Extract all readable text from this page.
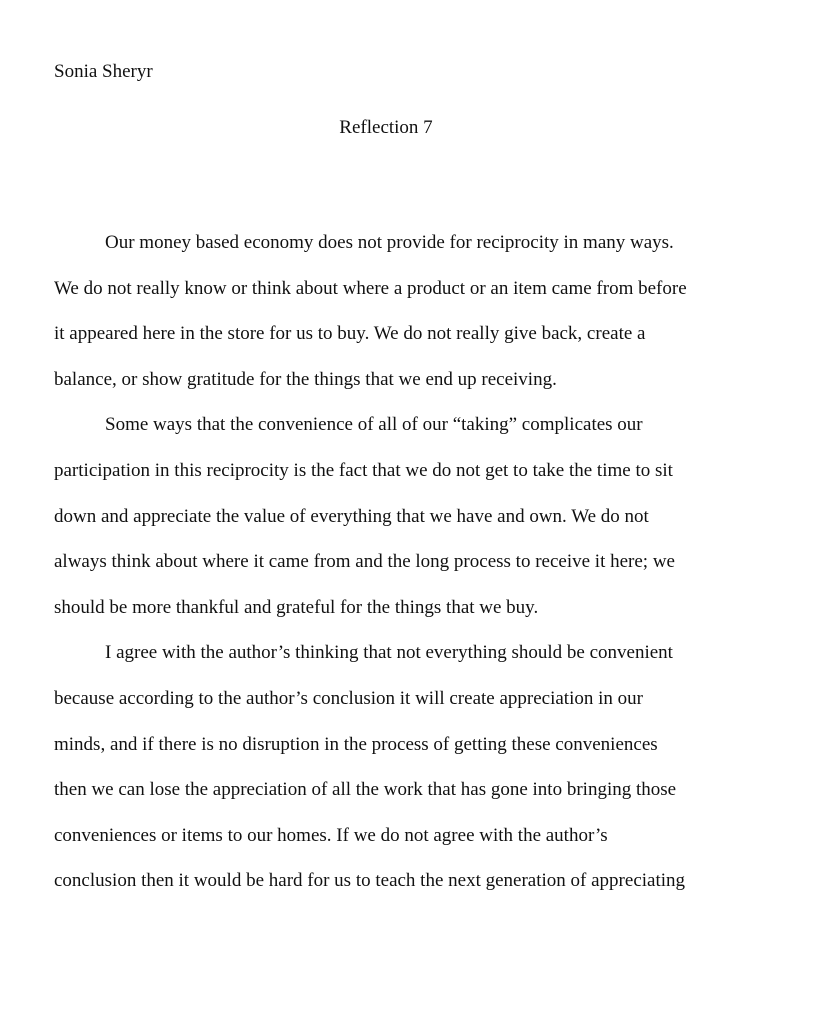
Sonia Sheryr
Reflection 7
Our money based economy does not provide for reciprocity in many ways.
We do not really know or think about where a product or an item came from before
it appeared here in the store for us to buy. We do not really give back, create a
balance, or show gratitude for the things that we end up receiving.
Some ways that the convenience of all of our “taking” complicates our
participation in this reciprocity is the fact that we do not get to take the time to sit
down and appreciate the value of everything that we have and own. We do not
always think about where it came from and the long process to receive it here; we
should be more thankful and grateful for the things that we buy.
I agree with the author’s thinking that not everything should be convenient
because according to the author’s conclusion it will create appreciation in our
minds, and if there is no disruption in the process of getting these conveniences
then we can lose the appreciation of all the work that has gone into bringing those
conveniences or items to our homes. If we do not agree with the author’s
conclusion then it would be hard for us to teach the next generation of appreciating
